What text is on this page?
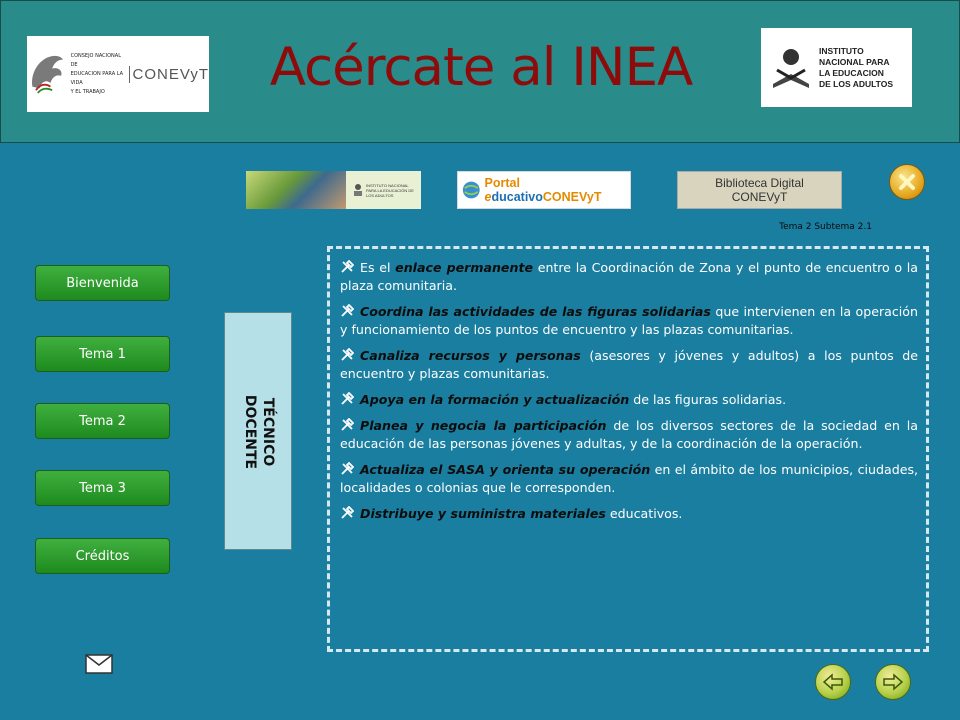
CONSEJO NACIONAL DE
EDUCACION PARA LA VIDA
Y EL TRABAJO
CONEVyT	Acércate al INEA	INSTITUTO
NACIONAL PARA
LA EDUCACION
DE LOS ADULTOS
INSTITUTO NACIONAL PARA LA EDUCACIÓN DE LOS ADULTOS
Portal educativoCONEVyT
Biblioteca Digital
CONEVyT
Tema 2 Subtema 2.1
Bienvenida
Tema 1
Tema 2
Tema 3
Créditos
TÉCNICO
DOCENTE

Es el enlace permanente entre la Coordinación de Zona y el punto de encuentro o la plaza comunitaria.

Coordina las actividades de las figuras solidarias que intervienen en la operación y funcionamiento de los puntos de encuentro y las plazas comunitarias.

Canaliza recursos y personas (asesores y jóvenes y adultos) a los puntos de encuentro y plazas comunitarias.

Apoya en la formación y actualización de las figuras solidarias.

Planea y negocia la participación de los diversos sectores de la sociedad en la educación de las personas jóvenes y adultas, y de la coordinación de la operación.

Actualiza el SASA y orienta su operación en el ámbito de los municipios, ciudades, localidades o colonias que le corresponden.

Distribuye y suministra materiales educativos.
